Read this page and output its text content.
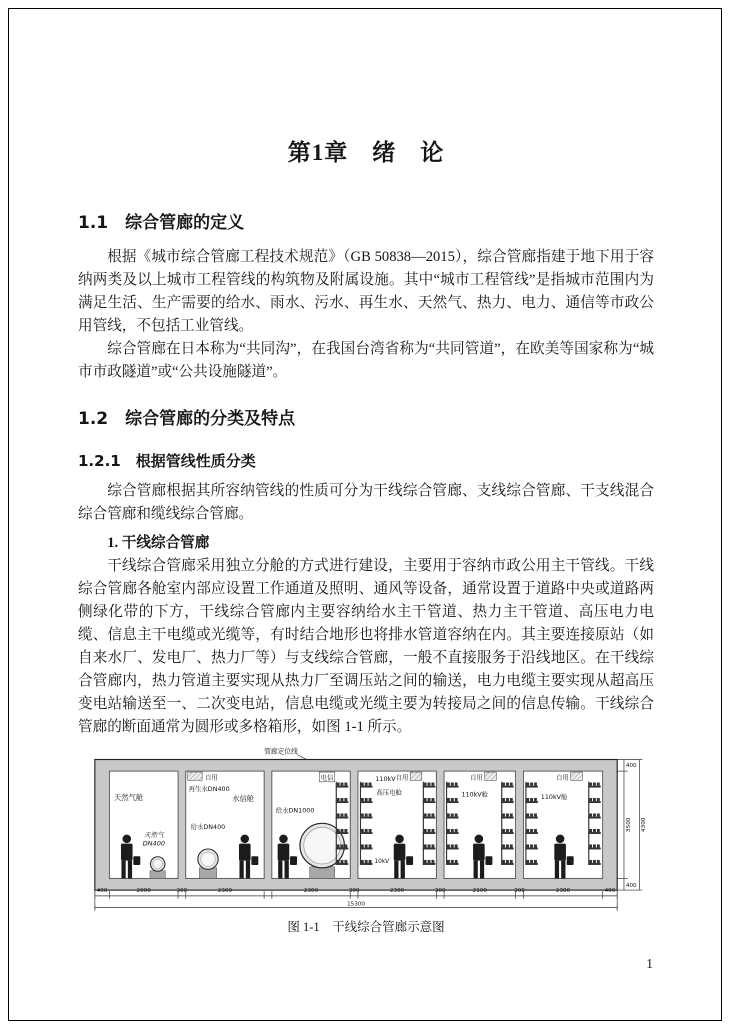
第1章　绪　论
1.1　综合管廊的定义

根据《城市综合管廊工程技术规范》（GB 50838—2015），综合管廊指建于地下用于容纳两类及以上城市工程管线的构筑物及附属设施。其中“城市工程管线”是指城市范围内为满足生活、生产需要的给水、雨水、污水、再生水、天然气、热力、电力、通信等市政公用管线，不包括工业管线。

综合管廊在日本称为“共同沟”，在我国台湾省称为“共同管道”，在欧美等国家称为“城市市政隧道”或“公共设施隧道”。

1.2　综合管廊的分类及特点
1.2.1　根据管线性质分类

综合管廊根据其所容纳管线的性质可分为干线综合管廊、支线综合管廊、干支线混合综合管廊和缆线综合管廊。

1. 干线综合管廊

干线综合管廊采用独立分舱的方式进行建设，主要用于容纳市政公用主干管线。干线综合管廊各舱室内部应设置工作通道及照明、通风等设备，通常设置于道路中央或道路两侧绿化带的下方，干线综合管廊内主要容纳给水主干管道、热力主干管道、高压电力电缆、信息主干电缆或光缆等，有时结合地形也将排水管道容纳在内。其主要连接原站（如自来水厂、发电厂、热力厂等）与支线综合管廊，一般不直接服务于沿线地区。在干线综合管廊内，热力管道主要实现从热力厂至调压站之间的输送，电力电缆主要实现从超高压变电站输送至一、二次变电站，信息电缆或光缆主要为转接局之间的信息传输。干线综合管廊的断面通常为圆形或多格箱形，如图 1-1 所示。

管廊定位线
天然气舱
天然气
DN400
自用
再生水DN400
水信舱
给水DN400
给水DN1000
电信	110kV 自用
高压电舱
10kV
110kV舱
自用
110kV舱
自用
400	2000	300	2300	2300	300	2300	300	2100	300	2300	400
15300
400
3500 4300
400
图 1-1　干线综合管廊示意图
1
